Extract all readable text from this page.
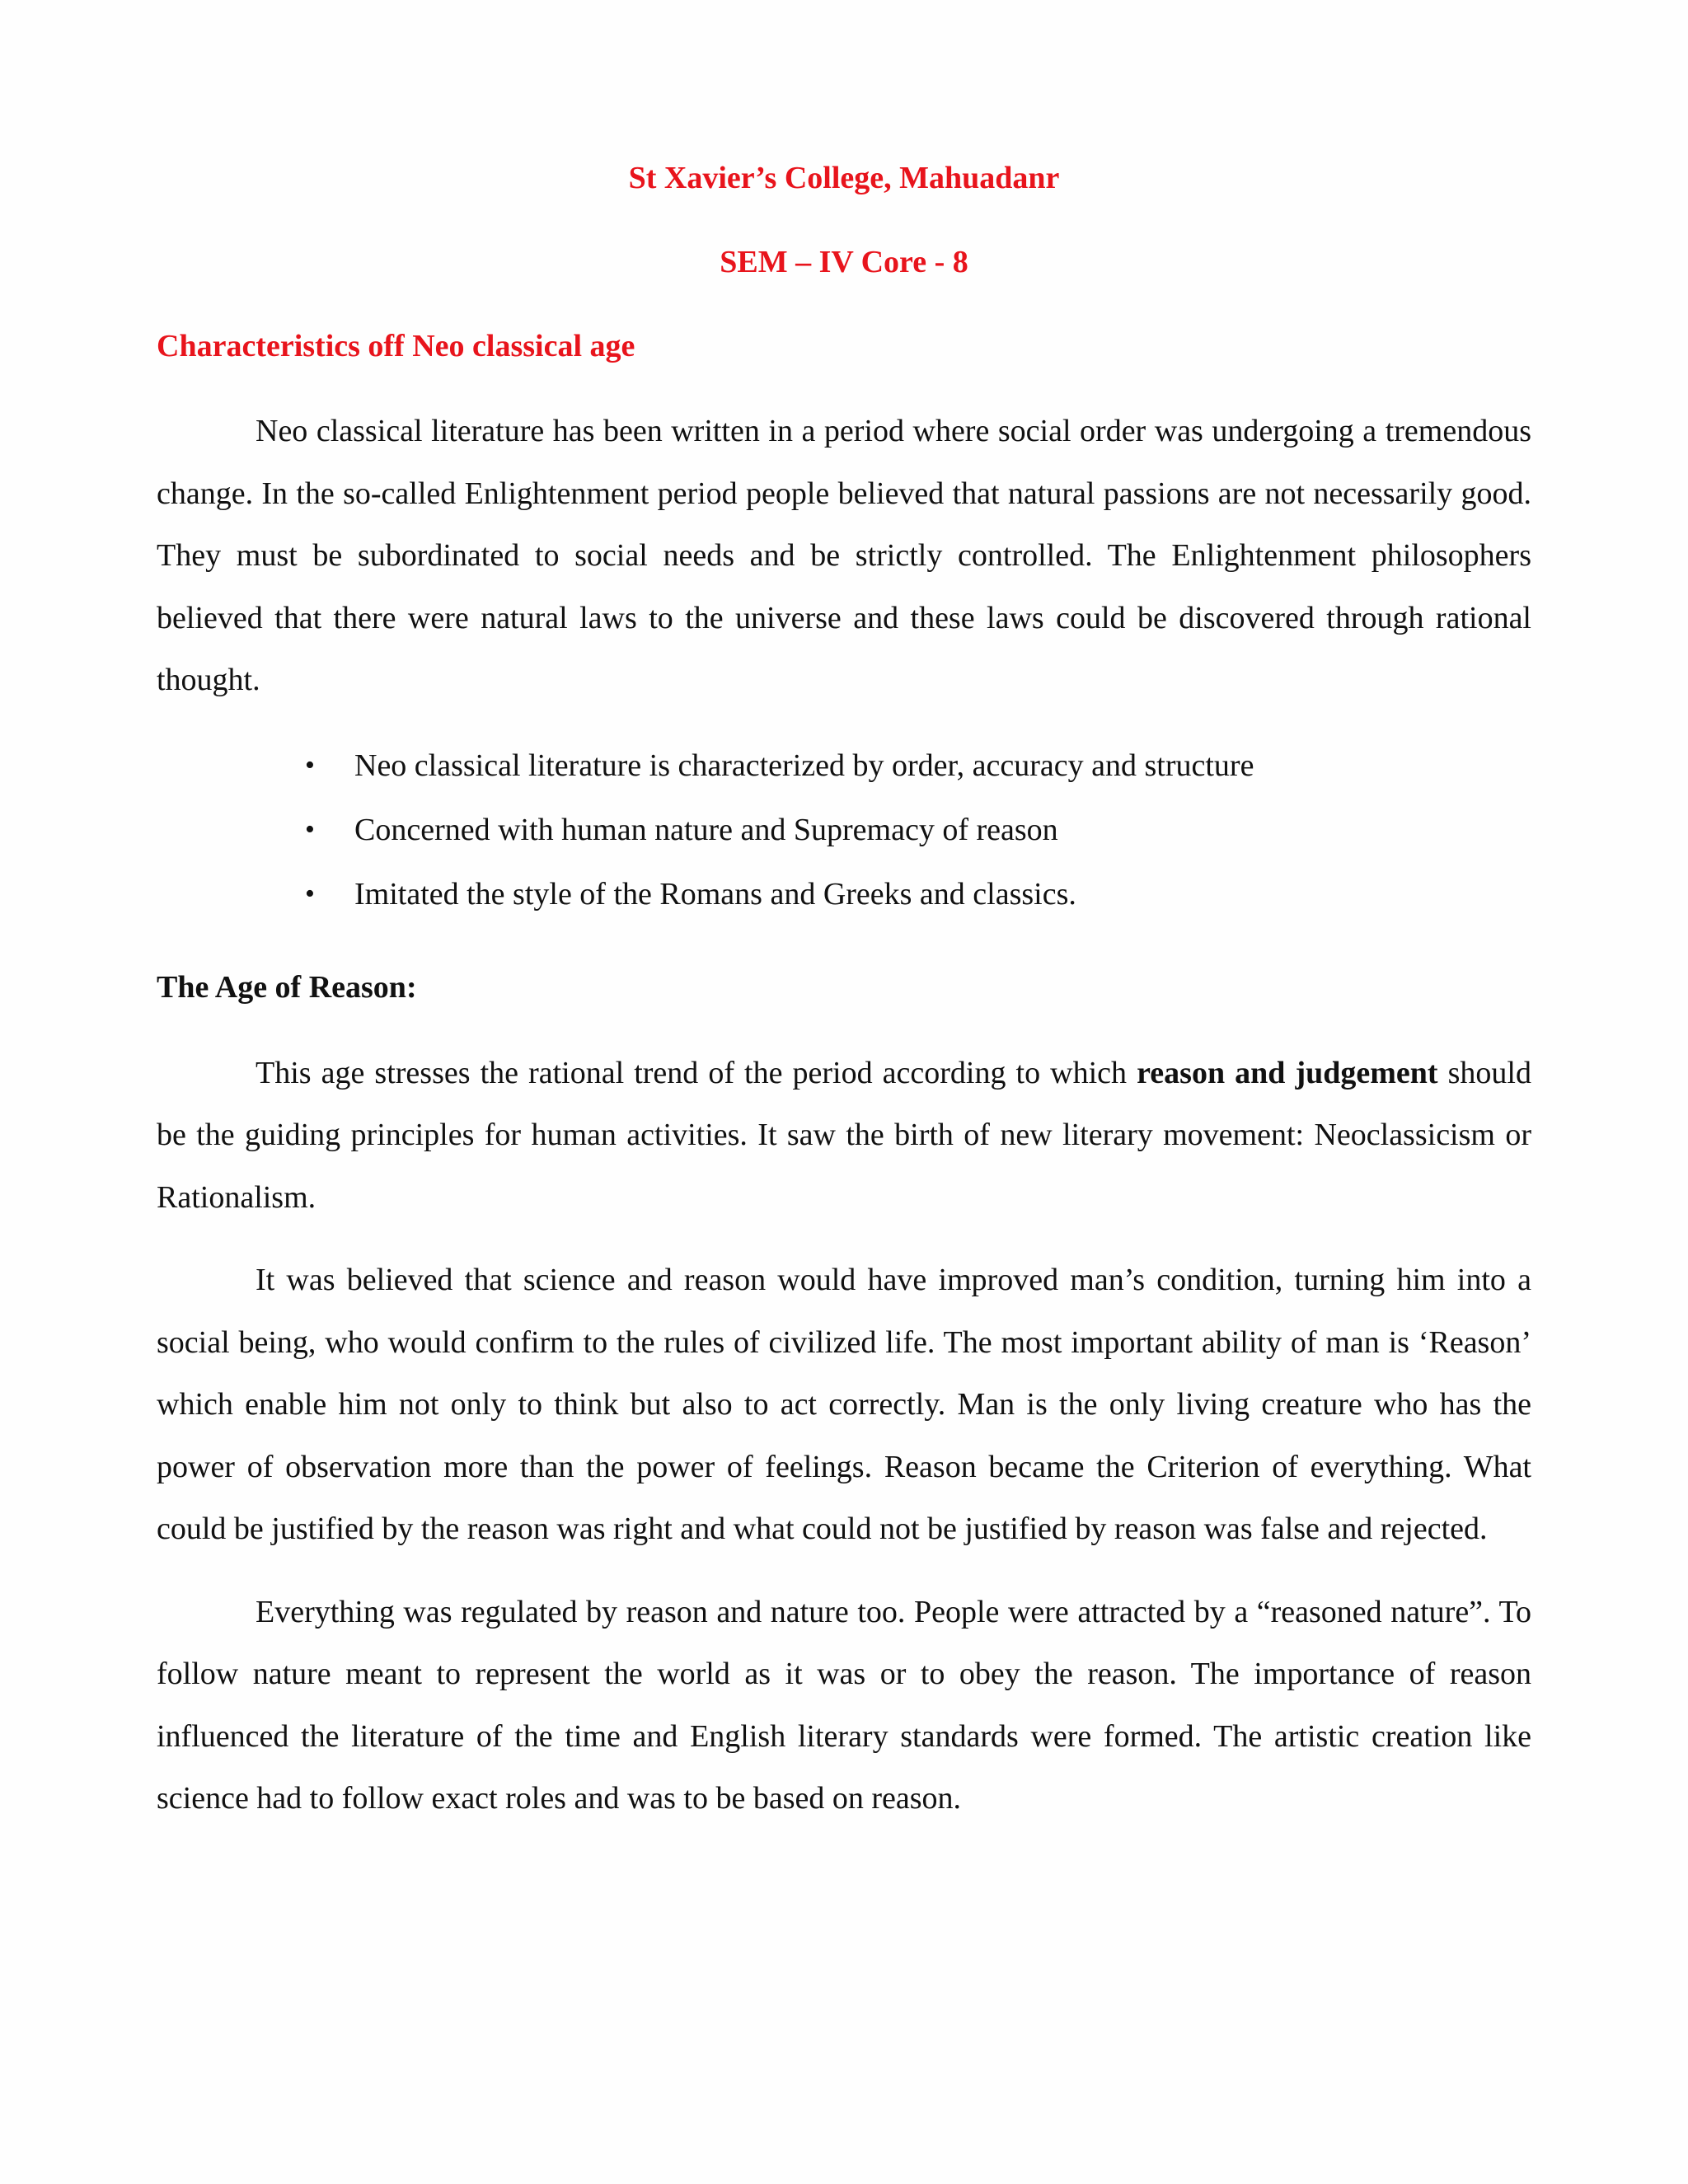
St Xavier’s College, Mahuadanr
SEM – IV Core - 8
Characteristics off Neo classical age

Neo classical literature has been written in a period where social order was undergoing a tremendous change. In the so-called Enlightenment period people believed that natural passions are not necessarily good. They must be subordinated to social needs and be strictly controlled. The Enlightenment philosophers believed that there were natural laws to the universe and these laws could be discovered through rational thought.

• Neo classical literature is characterized by order, accuracy and structure
• Concerned with human nature and Supremacy of reason
• Imitated the style of the Romans and Greeks and classics.
The Age of Reason:

This age stresses the rational trend of the period according to which reason and judgement should be the guiding principles for human activities. It saw the birth of new literary movement: Neoclassicism or Rationalism.

It was believed that science and reason would have improved man’s condition, turning him into a social being, who would confirm to the rules of civilized life. The most important ability of man is ‘Reason’ which enable him not only to think but also to act correctly. Man is the only living creature who has the power of observation more than the power of feelings. Reason became the Criterion of everything. What could be justified by the reason was right and what could not be justified by reason was false and rejected.

Everything was regulated by reason and nature too. People were attracted by a “reasoned nature”. To follow nature meant to represent the world as it was or to obey the reason. The importance of reason influenced the literature of the time and English literary standards were formed. The artistic creation like science had to follow exact roles and was to be based on reason.
